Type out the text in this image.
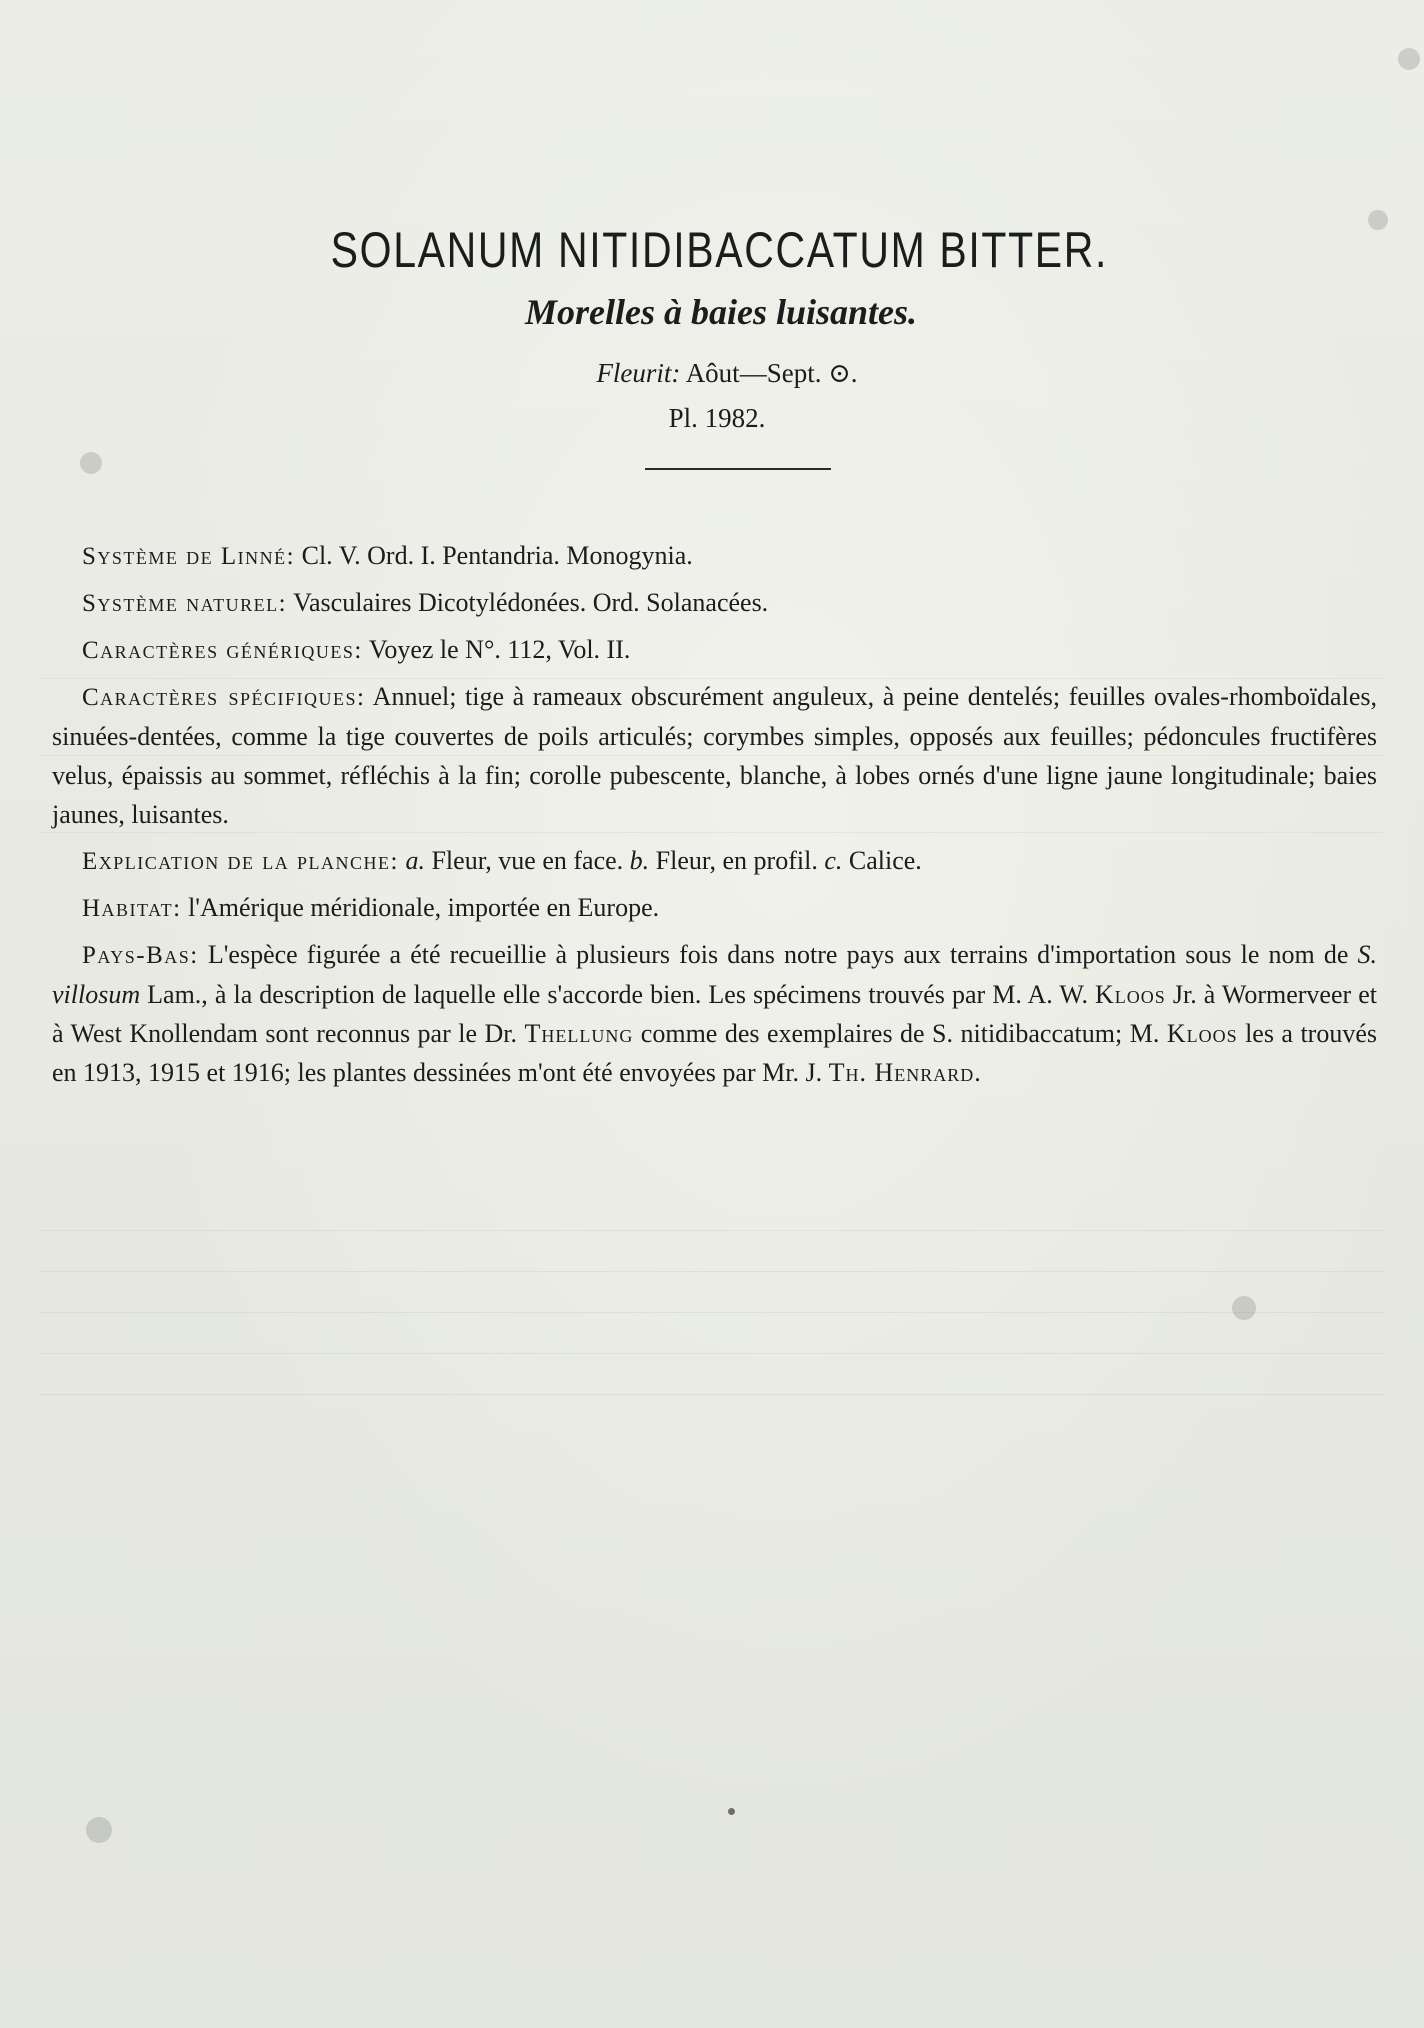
SOLANUM NITIDIBACCATUM BITTER.

Morelles à baies luisantes.

Fleurit: Aôut—Sept. ⊙.
Pl. 1982.

Système de Linné: Cl. V. Ord. I. Pentandria. Monogynia.

Système naturel: Vasculaires Dicotylédonées. Ord. Solanacées.

Caractères génériques: Voyez le N°. 112, Vol. II.

Caractères spécifiques: Annuel; tige à rameaux obscurément anguleux, à peine dentelés; feuilles ovales-rhomboïdales, sinuées-dentées, comme la tige couvertes de poils articulés; corymbes simples, opposés aux feuilles; pédoncules fructifères velus, épaissis au sommet, réfléchis à la fin; corolle pubescente, blanche, à lobes ornés d'une ligne jaune longitudinale; baies jaunes, luisantes.

Explication de la planche: a. Fleur, vue en face. b. Fleur, en profil. c. Calice.

Habitat: l'Amérique méridionale, importée en Europe.

Pays-Bas: L'espèce figurée a été recueillie à plusieurs fois dans notre pays aux terrains d'importation sous le nom de S. villosum Lam., à la description de laquelle elle s'accorde bien. Les spécimens trouvés par M. A. W. Kloos Jr. à Wormerveer et à West Knollendam sont reconnus par le Dr. Thellung comme des exemplaires de S. nitidibaccatum; M. Kloos les a trouvés en 1913, 1915 et 1916; les plantes dessinées m'ont été envoyées par Mr. J. Th. Henrard.
